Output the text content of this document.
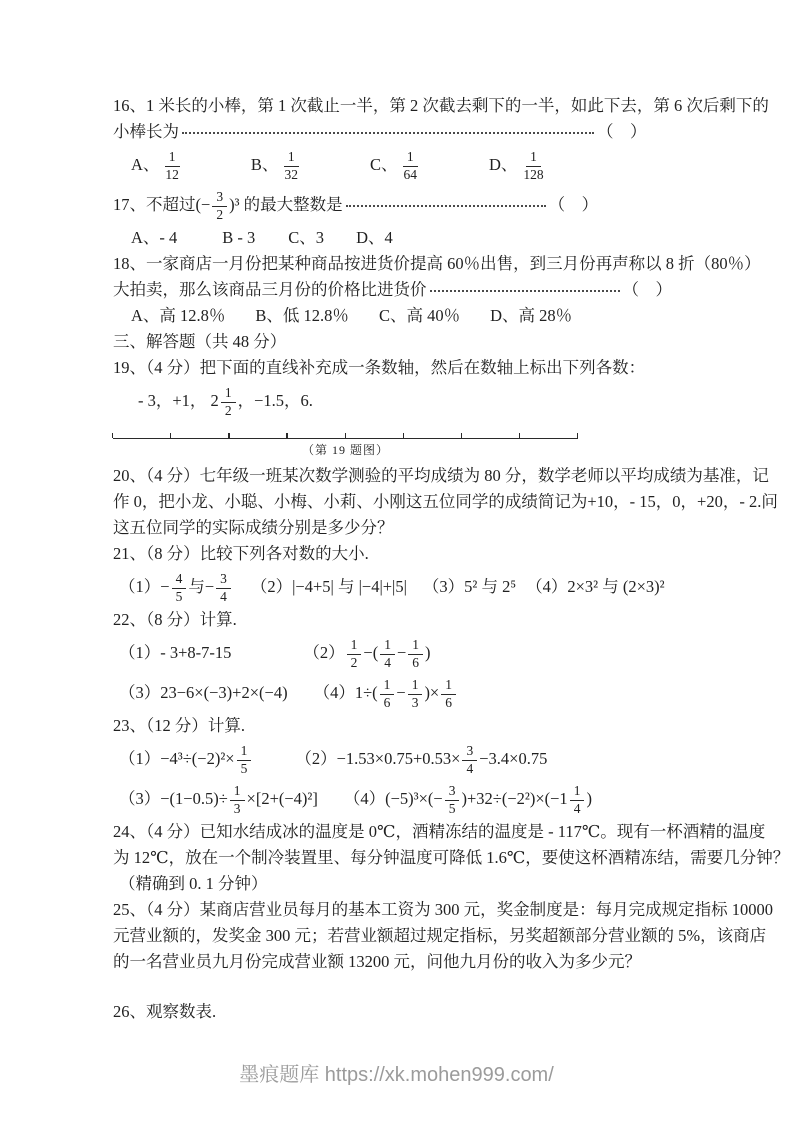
16、1 米长的小棒，第 1 次截止一半，第 2 次截去剩下的一半，如此下去，第 6 次后剩下的
小棒长为	（　）
A、 $\frac{1}{12}$	B、 $\frac{1}{32}$	C、 $\frac{1}{64}$	D、 $\frac{1}{128}$
17、不超过(− $\frac{3}{2} )^3$ 的最大整数是	（　）
A、- 4	B - 3 C、3 D、4
18、一家商店一月份把某种商品按进货价提高 60％出售，到三月份再声称以 8 折（80％）
大拍卖，那么该商品三月份的价格比进货价	（　）
A、高 12.8％ B、低 12.8％ C、高 40％ D、高 28％
三、解答题（共 48 分）
19、（4 分）把下面的直线补充成一条数轴，然后在数轴上标出下列各数：
- 3，+1， $2 \frac{1}{2}$ ，−1.5，6.
（第 19 题图）
20、（4 分）七年级一班某次数学测验的平均成绩为 80 分，数学老师以平均成绩为基准，记
作 0，把小龙、小聪、小梅、小莉、小刚这五位同学的成绩简记为+10，- 15，0，+20，- 2.问
这五位同学的实际成绩分别是多少分？
21、（8 分）比较下列各对数的大小.
$(1)- \frac{4}{5}$ 与− $\frac{3}{4} (2)|-4+5|$ 与 |−4|+|5| （3）5² 与 2⁵ （4）2×3² 与 (2×3)²
22、（8 分）计算.
（1）- 3+8-7-15	$(2) \frac{1}{2}$ −( $\frac{1}{4} - \frac{1}{6}$ )
（3）23−6×(−3)+2×(−4) $(4)1\div( \frac{1}{6} - \frac{1}{3}$ )× $\frac{1}{6}$
23、（12 分）计算.
$(1)-4^3\div(-2)^2\times \frac{1}{5}$	$(2)-1.53\times 0.75+0.53\times \frac{3}{4} -3.4\times 0.75$
$(3)-(1-0.5)\div \frac{1}{3} \times[2+(-4)^2]$ $(4)(-5)^3\times(- \frac{3}{5} )+32\div(-2^2)\times(-1 \frac{1}{4}$ )
24、（4 分）已知水结成冰的温度是 0℃，酒精冻结的温度是 - 117℃。现有一杯酒精的温度
为 12℃，放在一个制冷装置里、每分钟温度可降低 1.6℃，要使这杯酒精冻结，需要几分钟？
（精确到 0. 1 分钟）
25、（4 分）某商店营业员每月的基本工资为 300 元，奖金制度是：每月完成规定指标 10000
元营业额的，发奖金 300 元；若营业额超过规定指标，另奖超额部分营业额的 5%，该商店
的一名营业员九月份完成营业额 13200 元，问他九月份的收入为多少元？
26、观察数表.
墨痕题库 https://xk.mohen999.com/
